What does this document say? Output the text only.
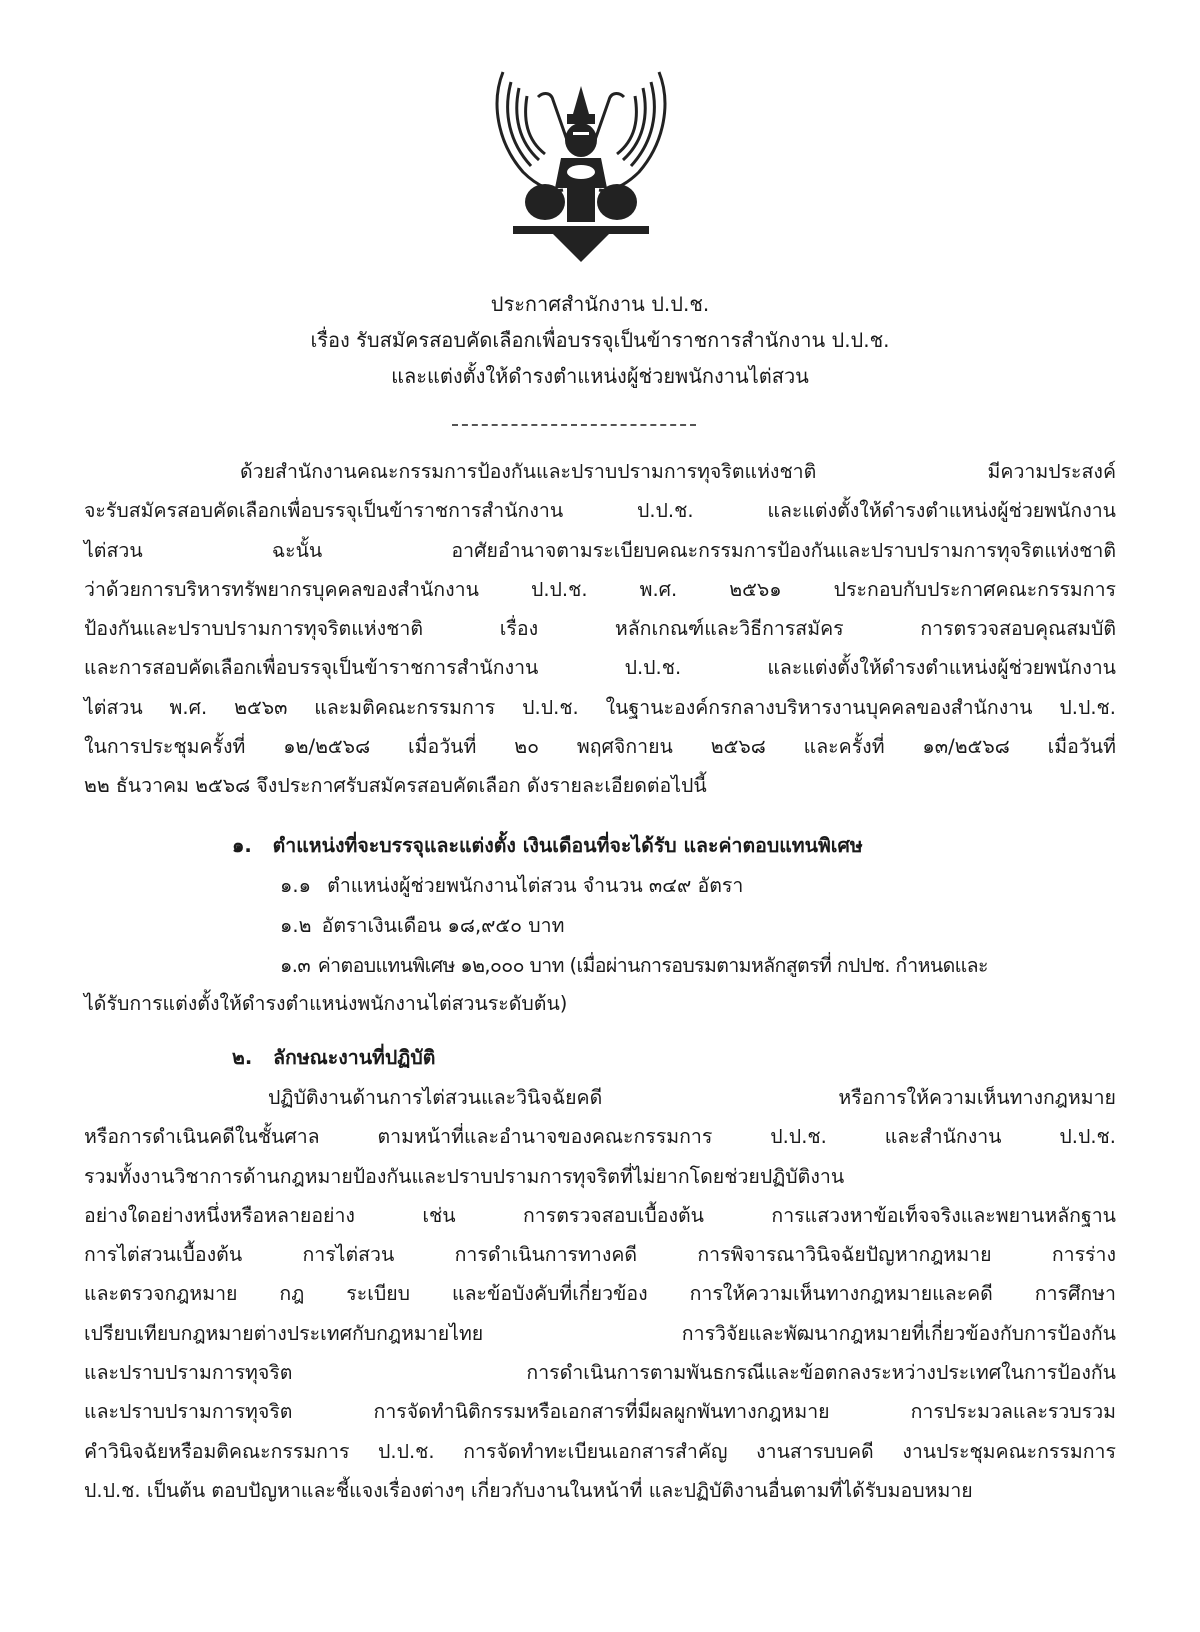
ประกาศสำนักงาน ป.ป.ช.
เรื่อง รับสมัครสอบคัดเลือกเพื่อบรรจุเป็นข้าราชการสำนักงาน ป.ป.ช.
และแต่งตั้งให้ดำรงตำแหน่งผู้ช่วยพนักงานไต่สวน
ด้วยสำนักงานคณะกรรมการป้องกันและปราบปรามการทุจริตแห่งชาติ มีความประสงค์
จะรับสมัครสอบคัดเลือกเพื่อบรรจุเป็นข้าราชการสำนักงาน ป.ป.ช. และแต่งตั้งให้ดำรงตำแหน่งผู้ช่วยพนักงาน
ไต่สวน ฉะนั้น อาศัยอำนาจตามระเบียบคณะกรรมการป้องกันและปราบปรามการทุจริตแห่งชาติ
ว่าด้วยการบริหารทรัพยากรบุคคลของสำนักงาน ป.ป.ช. พ.ศ. ๒๕๖๑ ประกอบกับประกาศคณะกรรมการ
ป้องกันและปราบปรามการทุจริตแห่งชาติ เรื่อง หลักเกณฑ์และวิธีการสมัคร การตรวจสอบคุณสมบัติ
และการสอบคัดเลือกเพื่อบรรจุเป็นข้าราชการสำนักงาน ป.ป.ช. และแต่งตั้งให้ดำรงตำแหน่งผู้ช่วยพนักงาน
ไต่สวน พ.ศ. ๒๕๖๓ และมติคณะกรรมการ ป.ป.ช. ในฐานะองค์กรกลางบริหารงานบุคคลของสำนักงาน ป.ป.ช.
ในการประชุมครั้งที่ ๑๒/๒๕๖๘ เมื่อวันที่ ๒๐ พฤศจิกายน ๒๕๖๘ และครั้งที่ ๑๓/๒๕๖๘ เมื่อวันที่
๒๒ ธันวาคม ๒๕๖๘ จึงประกาศรับสมัครสอบคัดเลือก ดังรายละเอียดต่อไปนี้
๑. ตำแหน่งที่จะบรรจุและแต่งตั้ง เงินเดือนที่จะได้รับ และค่าตอบแทนพิเศษ
๑.๑ ตำแหน่งผู้ช่วยพนักงานไต่สวน จำนวน ๓๔๙ อัตรา
๑.๒ อัตราเงินเดือน ๑๘,๙๕๐ บาท
๑.๓ ค่าตอบแทนพิเศษ ๑๒,๐๐๐ บาท (เมื่อผ่านการอบรมตามหลักสูตรที่ กปปช. กำหนดและ
ได้รับการแต่งตั้งให้ดำรงตำแหน่งพนักงานไต่สวนระดับต้น)
๒. ลักษณะงานที่ปฏิบัติ
ปฏิบัติงานด้านการไต่สวนและวินิจฉัยคดี หรือการให้ความเห็นทางกฎหมาย
หรือการดำเนินคดีในชั้นศาล ตามหน้าที่และอำนาจของคณะกรรมการ ป.ป.ช. และสำนักงาน ป.ป.ช.
รวมทั้งงานวิชาการด้านกฎหมายป้องกันและปราบปรามการทุจริตที่ไม่ยากโดยช่วยปฏิบัติงาน
อย่างใดอย่างหนึ่งหรือหลายอย่าง เช่น การตรวจสอบเบื้องต้น การแสวงหาข้อเท็จจริงและพยานหลักฐาน
การไต่สวนเบื้องต้น การไต่สวน การดำเนินการทางคดี การพิจารณาวินิจฉัยปัญหากฎหมาย การร่าง
และตรวจกฎหมาย กฎ ระเบียบ และข้อบังคับที่เกี่ยวข้อง การให้ความเห็นทางกฎหมายและคดี การศึกษา
เปรียบเทียบกฎหมายต่างประเทศกับกฎหมายไทย การวิจัยและพัฒนากฎหมายที่เกี่ยวข้องกับการป้องกัน
และปราบปรามการทุจริต การดำเนินการตามพันธกรณีและข้อตกลงระหว่างประเทศในการป้องกัน
และปราบปรามการทุจริต การจัดทำนิติกรรมหรือเอกสารที่มีผลผูกพันทางกฎหมาย การประมวลและรวบรวม
คำวินิจฉัยหรือมติคณะกรรมการ ป.ป.ช. การจัดทำทะเบียนเอกสารสำคัญ งานสารบบคดี งานประชุมคณะกรรมการ
ป.ป.ช. เป็นต้น ตอบปัญหาและชี้แจงเรื่องต่างๆ เกี่ยวกับงานในหน้าที่ และปฏิบัติงานอื่นตามที่ได้รับมอบหมาย
